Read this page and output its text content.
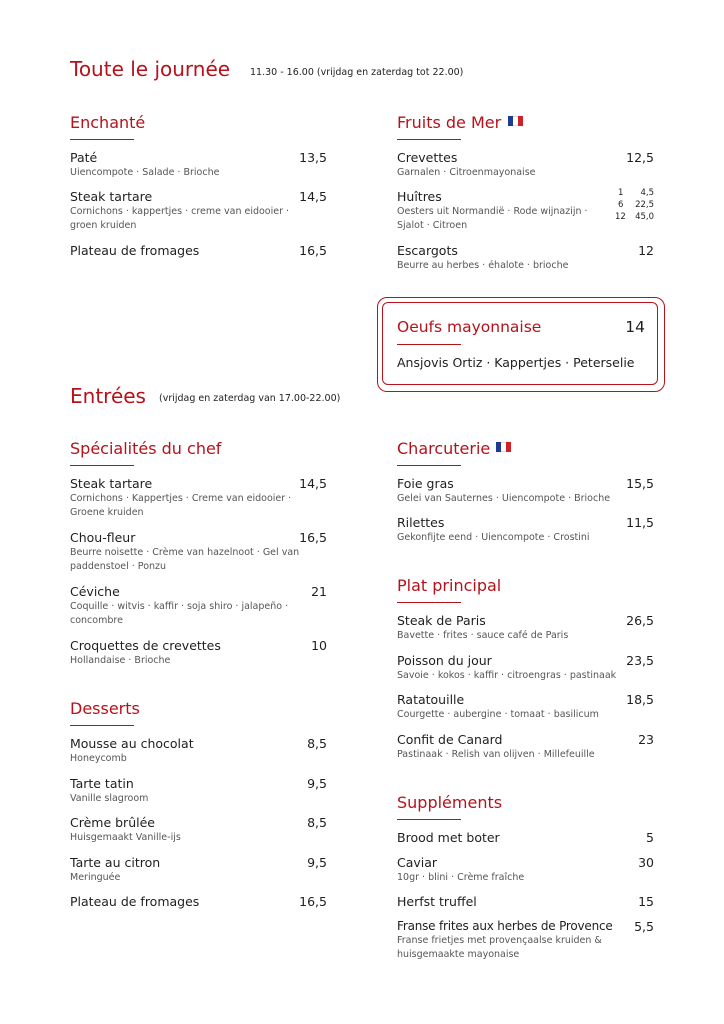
Toute le journée 11.30 - 16.00 (vrijdag en zaterdag tot 22.00)
Enchanté
Paté
Uiencompote · Salade · Brioche
13,5
Steak tartare
Cornichons · kappertjes · creme van eidooier · groen kruiden
14,5
Plateau de fromages	16,5
Fruits de Mer
Crevettes
Garnalen · Citroenmayonaise
12,5
Huîtres
Oesters uit Normandië · Rode wijnazijn · Sjalot · Citroen
1	4,5
6	22,5
12	45,0
Escargots
Beurre au herbes · éhalote · brioche
12
Oeufs mayonnaise	14
Ansjovis Ortiz · Kappertjes · Peterselie
Entrées (vrijdag en zaterdag van 17.00-22.00)
Spécialités du chef
Steak tartare
Cornichons · Kappertjes · Creme van eidooier · Groene kruiden
14,5
Chou-fleur
Beurre noisette · Crème van hazelnoot · Gel van paddenstoel · Ponzu
16,5
Céviche
Coquille · witvis · kaffir · soja shiro · jalapeño · concombre
21
Croquettes de crevettes
Hollandaise · Brioche
10
Desserts
Mousse au chocolat
Honeycomb
8,5
Tarte tatin
Vanille slagroom
9,5
Crème brûlée
Huisgemaakt Vanille-ijs
8,5
Tarte au citron
Meringuée
9,5
Plateau de fromages	16,5
Charcuterie
Foie gras
Gelei van Sauternes · Uiencompote · Brioche
15,5
Rilettes
Gekonfijte eend · Uiencompote · Crostini
11,5
Plat principal
Steak de Paris
Bavette · frites · sauce café de Paris
26,5
Poisson du jour
Savoie · kokos · kaffir · citroengras · pastinaak
23,5
Ratatouille
Courgette · aubergine · tomaat · basilicum
18,5
Confit de Canard
Pastinaak · Relish van olijven · Millefeuille
23
Suppléments
Brood met boter	5
Caviar
10gr · blini · Crème fraîche
30
Herfst truffel	15
Franse frites aux herbes de Provence
Franse frietjes met provençaalse kruiden & huisgemaakte mayonaise
5,5
